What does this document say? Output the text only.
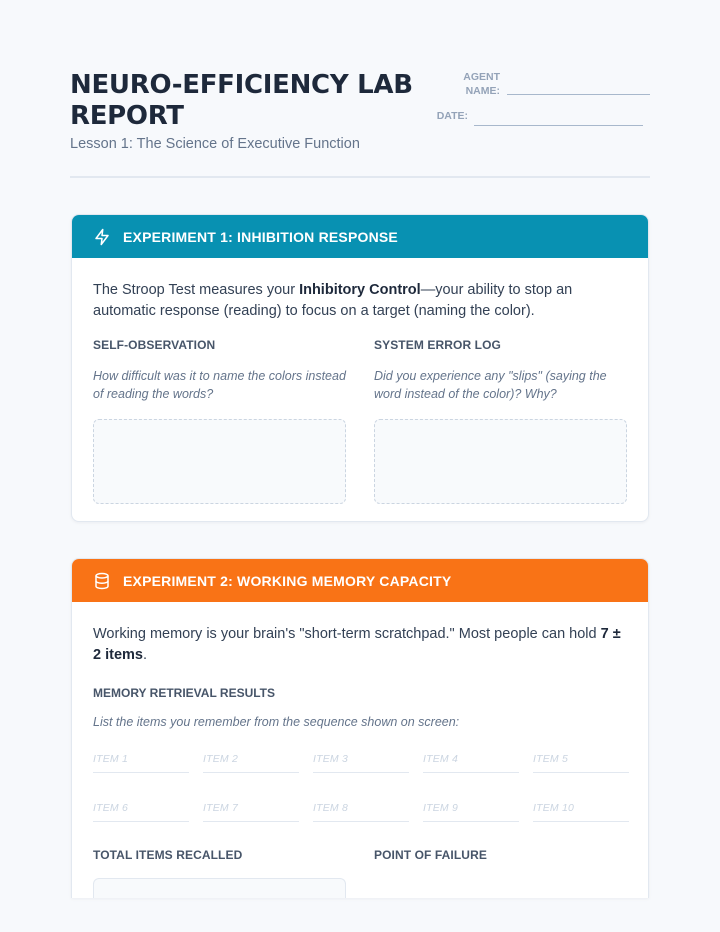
NEURO-EFFICIENCY LAB REPORT
Lesson 1: The Science of Executive Function
AGENT NAME:
DATE:
EXPERIMENT 1: INHIBITION RESPONSE

The Stroop Test measures your Inhibitory Control—your ability to stop an automatic response (reading) to focus on a target (naming the color).

SELF-OBSERVATION
How difficult was it to name the colors instead of reading the words?
SYSTEM ERROR LOG
Did you experience any "slips" (saying the word instead of the color)? Why?
EXPERIMENT 2: WORKING MEMORY CAPACITY

Working memory is your brain's "short-term scratchpad." Most people can hold 7 ± 2 items.

MEMORY RETRIEVAL RESULTS
List the items you remember from the sequence shown on screen:
ITEM 1	ITEM 2	ITEM 3	ITEM 4	ITEM 5
ITEM 6	ITEM 7	ITEM 8	ITEM 9	ITEM 10
TOTAL ITEMS RECALLED	POINT OF FAILURE
